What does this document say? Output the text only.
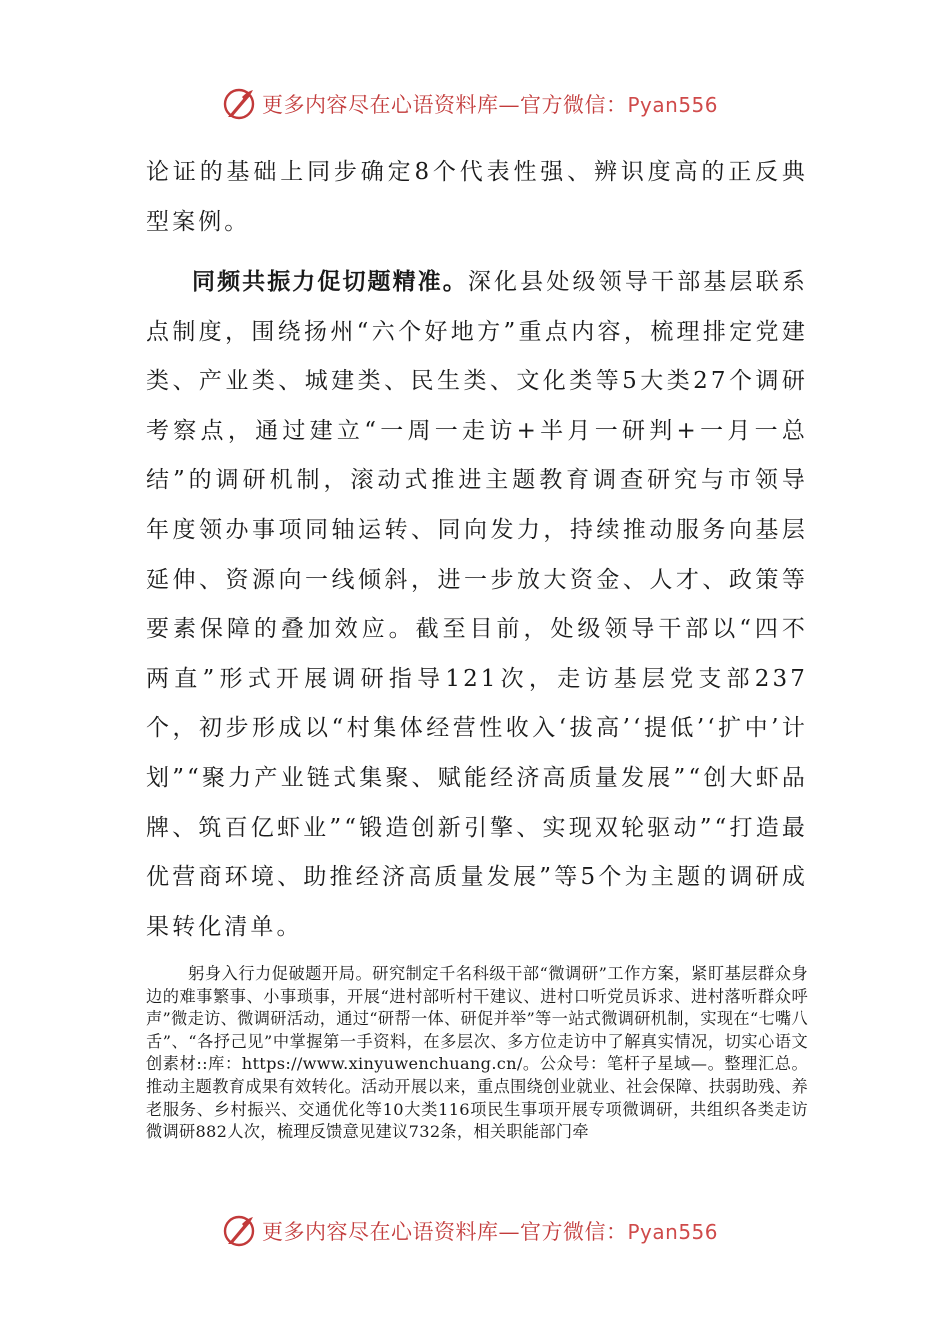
更多内容尽在心语资料库—官方微信：Pyan556
论证的基础上同步确定8个代表性强、辨识度高的正反典型案例。
同频共振力促切题精准。深化县处级领导干部基层联系点制度，围绕扬州“六个好地方”重点内容，梳理排定党建类、产业类、城建类、民生类、文化类等5大类27个调研考察点，通过建立“一周一走访+半月一研判+一月一总结”的调研机制，滚动式推进主题教育调查研究与市领导年度领办事项同轴运转、同向发力，持续推动服务向基层延伸、资源向一线倾斜，进一步放大资金、人才、政策等要素保障的叠加效应。截至目前，处级领导干部以“四不两直”形式开展调研指导121次，走访基层党支部237个，初步形成以“村集体经营性收入‘拔高’‘提低’‘扩中’计划”“聚力产业链式集聚、赋能经济高质量发展”“创大虾品牌、筑百亿虾业”“锻造创新引擎、实现双轮驱动”“打造最优营商环境、助推经济高质量发展”等5个为主题的调研成果转化清单。
躬身入行力促破题开局。研究制定千名科级干部“微调研”工作方案，紧盯基层群众身边的难事繁事、小事琐事，开展“进村部听村干建议、进村口听党员诉求、进村落听群众呼声”微走访、微调研活动，通过“研帮一体、研促并举”等一站式微调研机制，实现在“七嘴八舌”、“各抒己见”中掌握第一手资料，在多层次、多方位走访中了解真实情况，切实心语文创素材::库：https://www.xinyuwenchuang.cn/。公众号：笔杆子星域—。整理汇总。推动主题教育成果有效转化。活动开展以来，重点围绕创业就业、社会保障、扶弱助残、养老服务、乡村振兴、交通优化等10大类116项民生事项开展专项微调研，共组织各类走访微调研882人次，梳理反馈意见建议732条，相关职能部门牵
更多内容尽在心语资料库—官方微信：Pyan556
